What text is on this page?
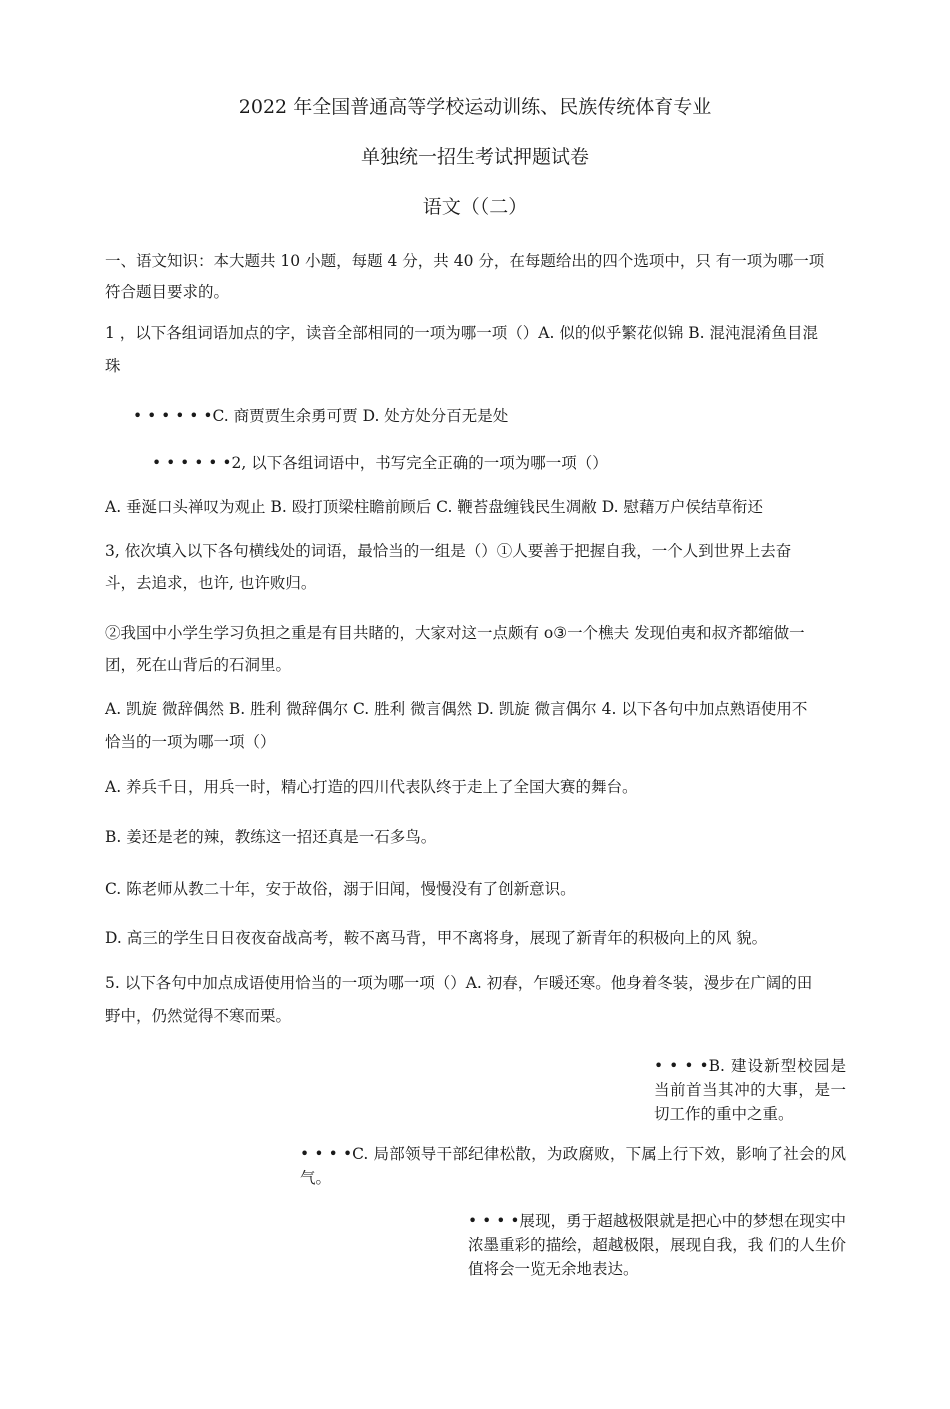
2022 年全国普通高等学校运动训练、民族传统体育专业
单独统一招生考试押题试卷
语文（（二）
一、语文知识：本大题共 10 小题，每题 4 分，共 40 分，在每题给出的四个选项中，只 有一项为哪一项
符合题目要求的。
1 ，以下各组词语加点的字，读音全部相同的一项为哪一项（）A. 似的似乎繁花似锦 B. 混沌混淆鱼目混
珠
• • • • • •C. 商贾贾生余勇可贾 D. 处方处分百无是处
• • • • • •2, 以下各组词语中，书写完全正确的一项为哪一项（）
A. 垂涎口头禅叹为观止 B. 殴打顶梁柱瞻前顾后 C. 鞭苔盘缠钱民生凋敝 D. 慰藉万户侯结草衔还
3, 依次填入以下各句横线处的词语，最恰当的一组是（）①人要善于把握自我，一个人到世界上去奋
斗，去追求，也许, 也许败归。
②我国中小学生学习负担之重是有目共睹的，大家对这一点颇有 o③一个樵夫 发现伯夷和叔齐都缩做一
团，死在山背后的石洞里。
A. 凯旋 微辞偶然 B. 胜利 微辞偶尔 C. 胜利 微言偶然 D. 凯旋 微言偶尔 4. 以下各句中加点熟语使用不
恰当的一项为哪一项（）
A. 养兵千日，用兵一时，精心打造的四川代表队终于走上了全国大赛的舞台。
B. 姜还是老的辣，教练这一招还真是一石多鸟。
C. 陈老师从教二十年，安于故俗，溺于旧闻，慢慢没有了创新意识。
D. 高三的学生日日夜夜奋战高考，鞍不离马背，甲不离将身，展现了新青年的积极向上的风 貌。
5. 以下各句中加点成语使用恰当的一项为哪一项（）A. 初春，乍暖还寒。他身着冬装，漫步在广阔的田
野中，仍然觉得不寒而栗。
• • • •B. 建设新型校园是当前首当其冲的大事，是一切工作的重中之重。
• • • •C. 局部领导干部纪律松散，为政腐败，下属上行下效，影响了社会的风气。
• • • •展现，勇于超越极限就是把心中的梦想在现实中浓墨重彩的描绘，超越极限，展现自我，我 们的人生价值将会一览无余地表达。
